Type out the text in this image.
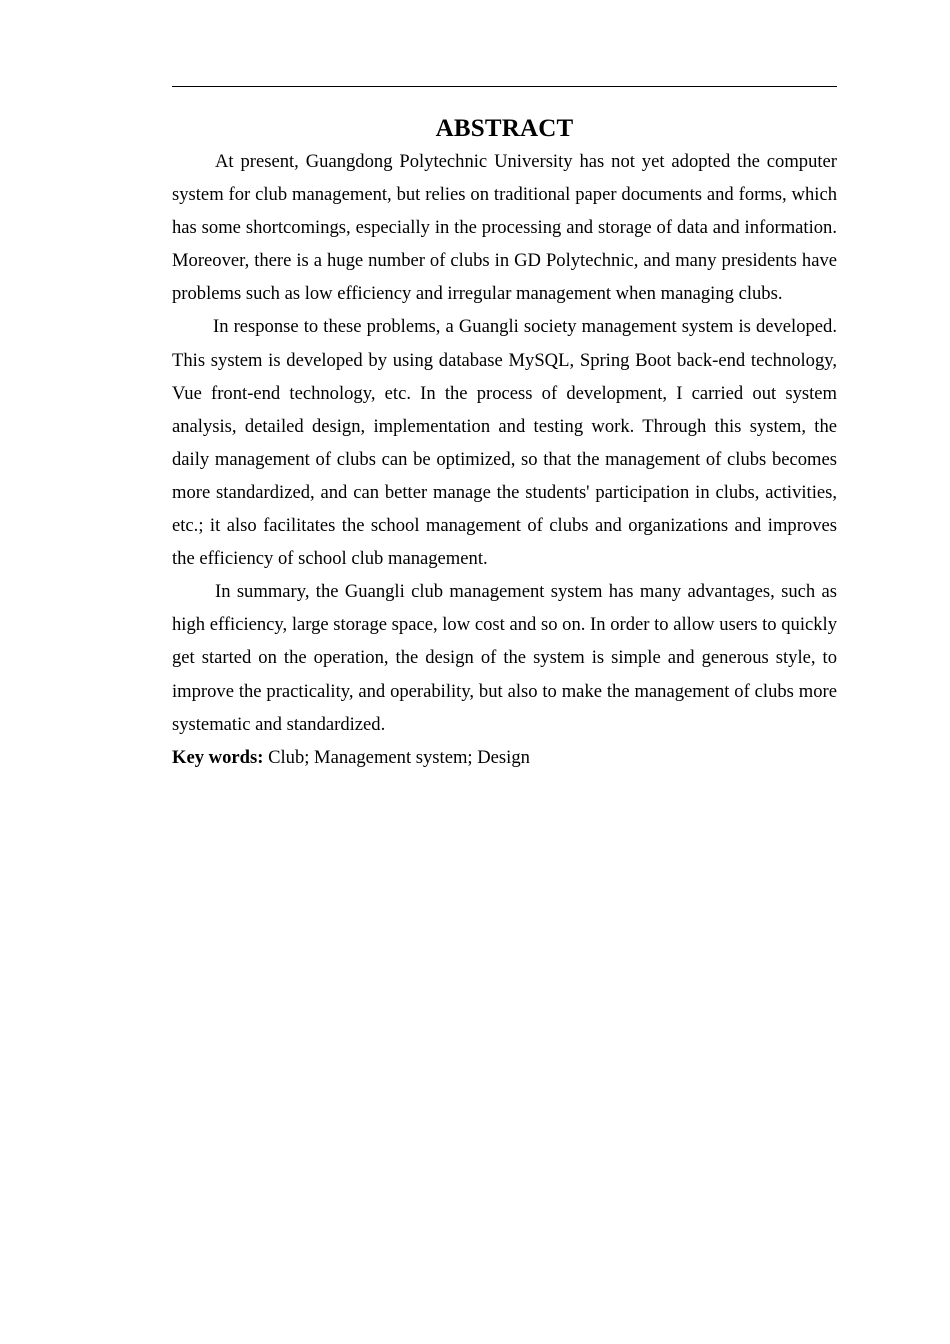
ABSTRACT

At present, Guangdong Polytechnic University has not yet adopted the computer system for club management, but relies on traditional paper documents and forms, which has some shortcomings, especially in the processing and storage of data and information. Moreover, there is a huge number of clubs in GD Polytechnic, and many presidents have problems such as low efficiency and irregular management when managing clubs.

In response to these problems, a Guangli society management system is developed. This system is developed by using database MySQL, Spring Boot back-end technology, Vue front-end technology, etc. In the process of development, I carried out system analysis, detailed design, implementation and testing work. Through this system, the daily management of clubs can be optimized, so that the management of clubs becomes more standardized, and can better manage the students' participation in clubs, activities, etc.; it also facilitates the school management of clubs and organizations and improves the efficiency of school club management.

In summary, the Guangli club management system has many advantages, such as high efficiency, large storage space, low cost and so on. In order to allow users to quickly get started on the operation, the design of the system is simple and generous style, to improve the practicality, and operability, but also to make the management of clubs more systematic and standardized.

Key words: Club; Management system; Design
